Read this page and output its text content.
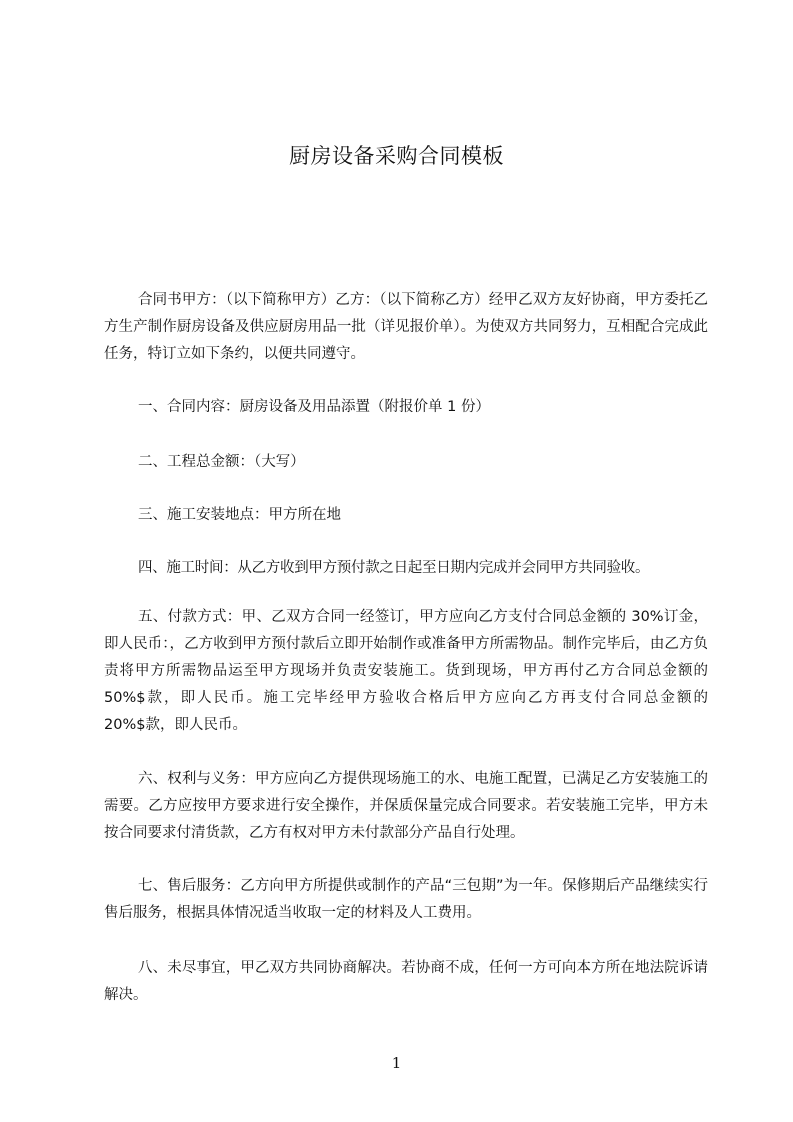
厨房设备采购合同模板

合同书甲方：（以下简称甲方）乙方：（以下简称乙方）经甲乙双方友好协商，甲方委托乙方生产制作厨房设备及供应厨房用品一批（详见报价单）。为使双方共同努力，互相配合完成此任务，特订立如下条约，以便共同遵守。

一、合同内容：厨房设备及用品添置（附报价单 1 份）

二、工程总金额：（大写）

三、施工安装地点：甲方所在地

四、施工时间：从乙方收到甲方预付款之日起至日期内完成并会同甲方共同验收。

五、付款方式：甲、乙双方合同一经签订，甲方应向乙方支付合同总金额的 30%订金，即人民币：，乙方收到甲方预付款后立即开始制作或准备甲方所需物品。制作完毕后，由乙方负责将甲方所需物品运至甲方现场并负责安装施工。货到现场，甲方再付乙方合同总金额的 50%$款，即人民币。施工完毕经甲方验收合格后甲方应向乙方再支付合同总金额的 20%$款，即人民币。

六、权利与义务：甲方应向乙方提供现场施工的水、电施工配置，已满足乙方安装施工的需要。乙方应按甲方要求进行安全操作，并保质保量完成合同要求。若安装施工完毕，甲方未按合同要求付清货款，乙方有权对甲方未付款部分产品自行处理。

七、售后服务：乙方向甲方所提供或制作的产品“三包期”为一年。保修期后产品继续实行售后服务，根据具体情况适当收取一定的材料及人工费用。

八、未尽事宜，甲乙双方共同协商解决。若协商不成，任何一方可向本方所在地法院诉请解决。

1
